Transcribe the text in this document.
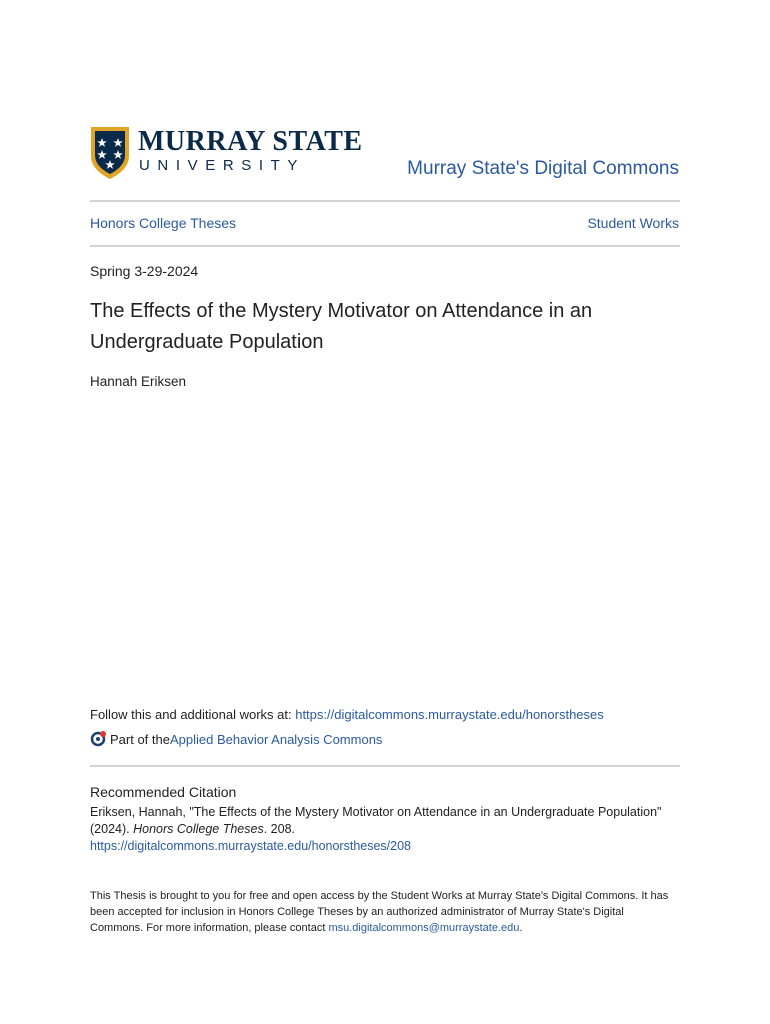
MURRAY STATE
UNIVERSITY	Murray State's Digital Commons
Honors College Theses	Student Works
Spring 3-29-2024
The Effects of the Mystery Motivator on Attendance in an Undergraduate Population
Hannah Eriksen
Follow this and additional works at: https://digitalcommons.murraystate.edu/honorstheses
Part of the Applied Behavior Analysis Commons
Recommended Citation
Eriksen, Hannah, "The Effects of the Mystery Motivator on Attendance in an Undergraduate Population" (2024). Honors College Theses. 208.
https://digitalcommons.murraystate.edu/honorstheses/208
This Thesis is brought to you for free and open access by the Student Works at Murray State's Digital Commons. It has been accepted for inclusion in Honors College Theses by an authorized administrator of Murray State's Digital Commons. For more information, please contact msu.digitalcommons@murraystate.edu.
